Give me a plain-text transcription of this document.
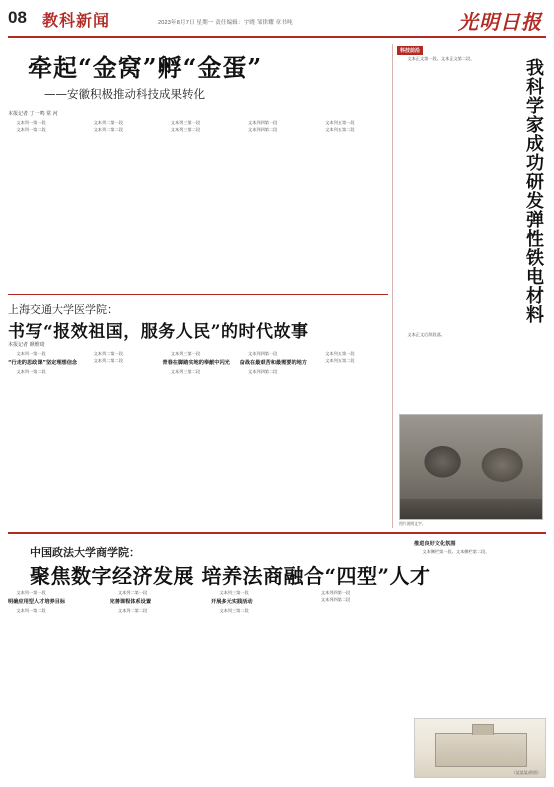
08 教科新闻	2023年8月7日 星期一 责任编辑：宇晓 邹律耀 章书吨	光明日报
牵起“金窝”孵“金蛋”
——安徽积极推动科技成果转化
本报记者 丁一鸣 常 河

文本列一第一段

文本列一第二段

文本列二第一段

文本列二第二段

文本列三第一段

文本列三第二段

文本列四第一段

文本列四第二段

文本列五第一段

文本列五第二段

上海交通大学医学院：
书写“报效祖国，服务人民”的时代故事
本报记者 颜维琦

文本列一第一段

“行走的思政课”坚定理想信念

文本列一第二段

文本列二第一段

文本列二第二段

文本列三第一段

青春在脚踏实地的奉献中闪光

文本列三第二段

文本列四第一段

奋战在最艰苦和最需要的地方

文本列四第二段

文本列五第一段

文本列五第二段

科技前沿
我科学家成功研发弹性铁电材料

文本正文第一段。文本正文第二段。

文本正文后续段落。

图片说明文字。
中国政法大学商学院：
聚焦数字经济发展 培养法商融合“四型”人才

文本列一第一段

明确应用型人才培养目标

文本列一第二段

文本列二第一段

完善课程体系设置

文本列二第二段

文本列三第一段

开展多元实践活动

文本列三第二段

文本列四第一段

文本列四第二段

推进良好文化氛围

文本侧栏第一段。文本侧栏第二段。

（某某某/供图）
